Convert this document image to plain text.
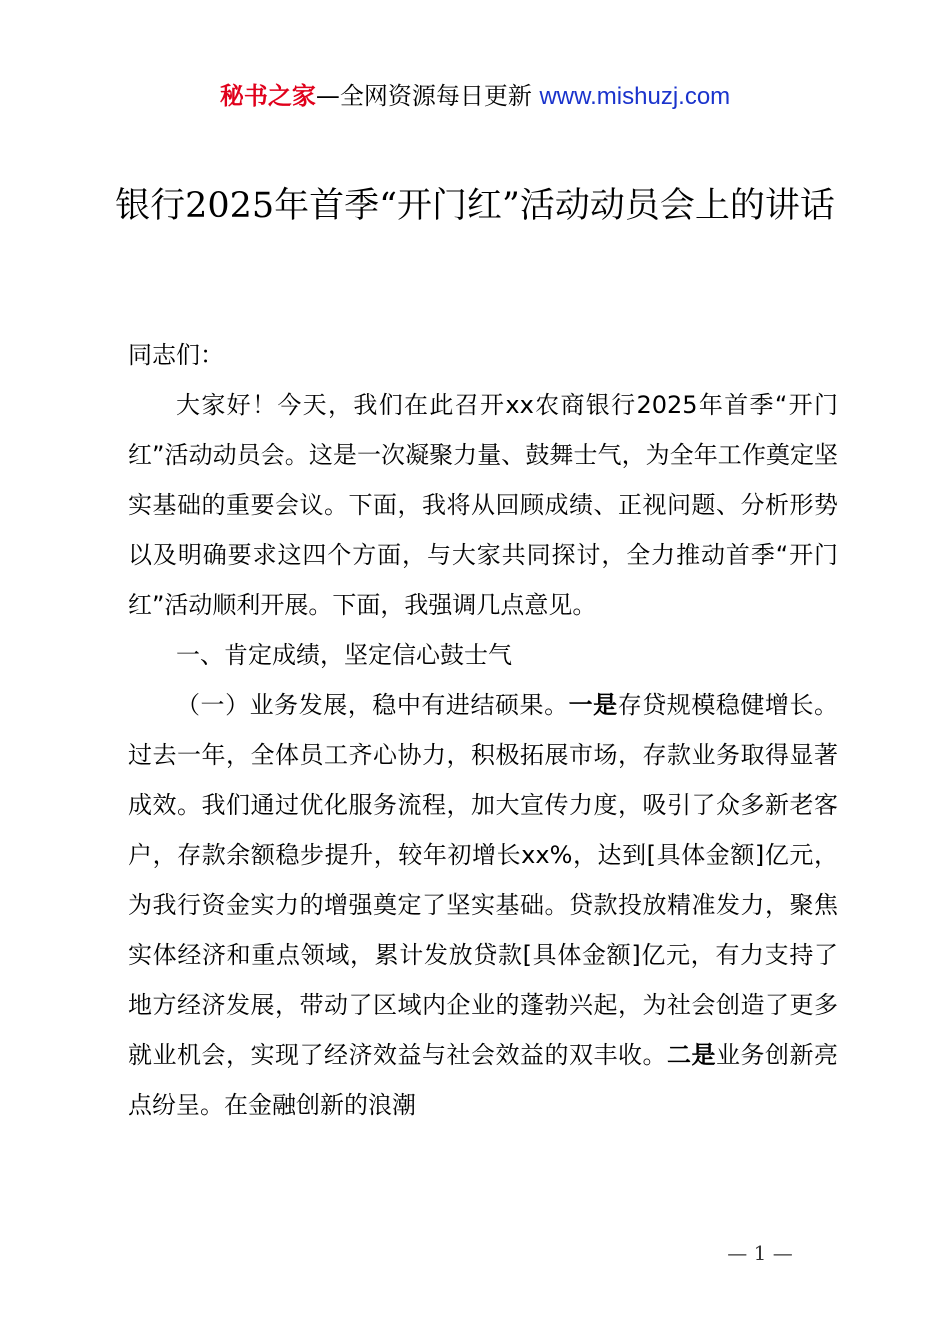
秘书之家—全网资源每日更新 www.mishuzj.com
银行2025年首季“开门红”活动动员会上的讲话

同志们：

大家好！今天，我们在此召开xx农商银行2025年首季“开门红”活动动员会。这是一次凝聚力量、鼓舞士气，为全年工作奠定坚实基础的重要会议。下面，我将从回顾成绩、正视问题、分析形势以及明确要求这四个方面，与大家共同探讨，全力推动首季“开门红”活动顺利开展。下面，我强调几点意见。

一、肯定成绩，坚定信心鼓士气

（一）业务发展，稳中有进结硕果。一是存贷规模稳健增长。过去一年，全体员工齐心协力，积极拓展市场，存款业务取得显著成效。我们通过优化服务流程，加大宣传力度，吸引了众多新老客户，存款余额稳步提升，较年初增长xx%，达到[具体金额]亿元，为我行资金实力的增强奠定了坚实基础。贷款投放精准发力，聚焦实体经济和重点领域，累计发放贷款[具体金额]亿元，有力支持了地方经济发展，带动了区域内企业的蓬勃兴起，为社会创造了更多就业机会，实现了经济效益与社会效益的双丰收。二是业务创新亮点纷呈。在金融创新的浪潮

— 1 —
